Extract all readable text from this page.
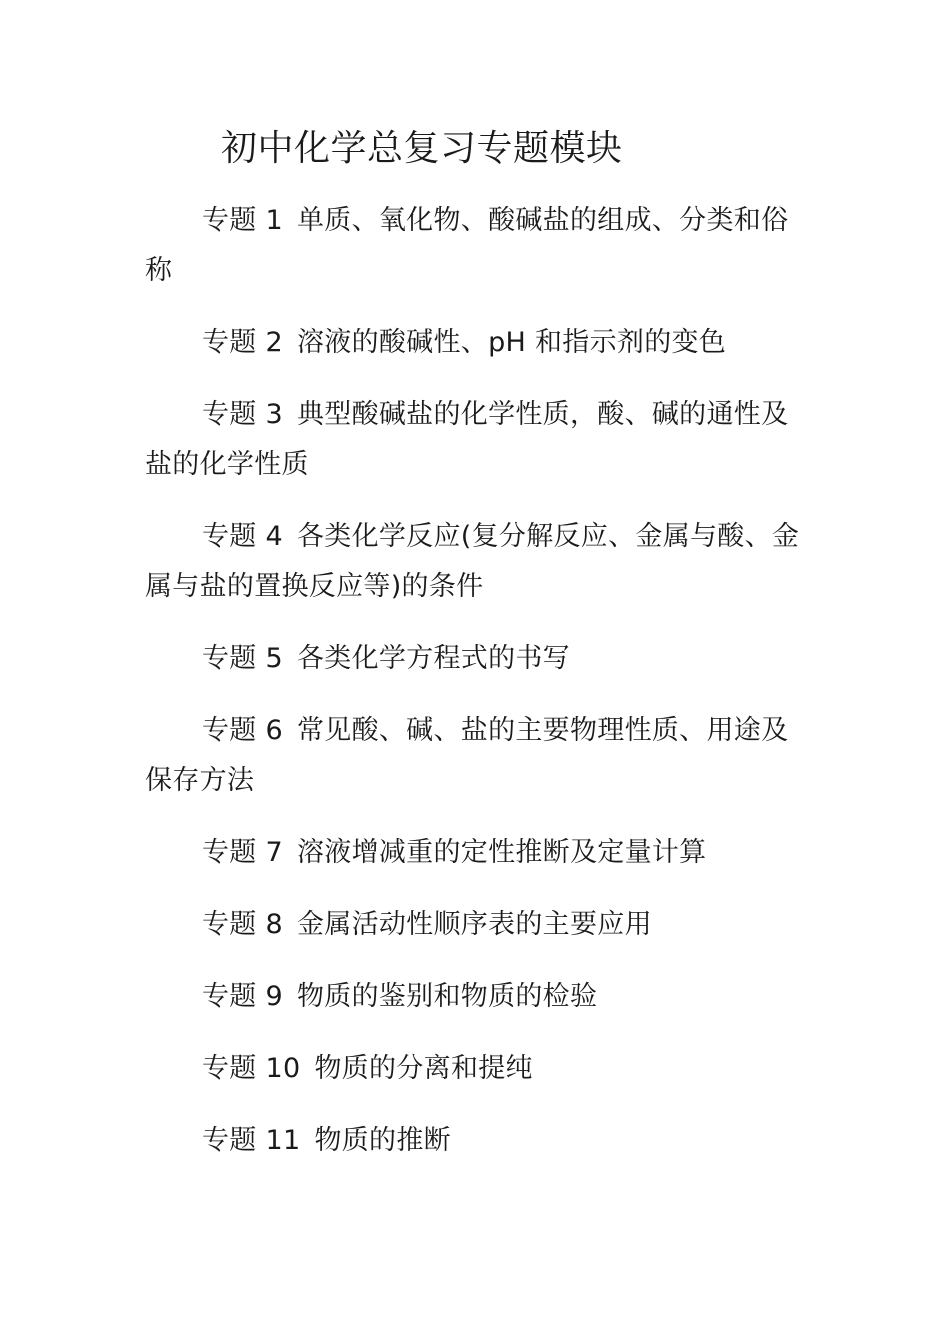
初中化学总复习专题模块

专题 1 单质、氧化物、酸碱盐的组成、分类和俗称

专题 2 溶液的酸碱性、pH 和指示剂的变色

专题 3 典型酸碱盐的化学性质，酸、碱的通性及盐的化学性质

专题 4 各类化学反应(复分解反应、金属与酸、金属与盐的置换反应等)的条件

专题 5 各类化学方程式的书写

专题 6 常见酸、碱、盐的主要物理性质、用途及保存方法

专题 7 溶液增减重的定性推断及定量计算

专题 8 金属活动性顺序表的主要应用

专题 9 物质的鉴别和物质的检验

专题 10 物质的分离和提纯

专题 11 物质的推断
